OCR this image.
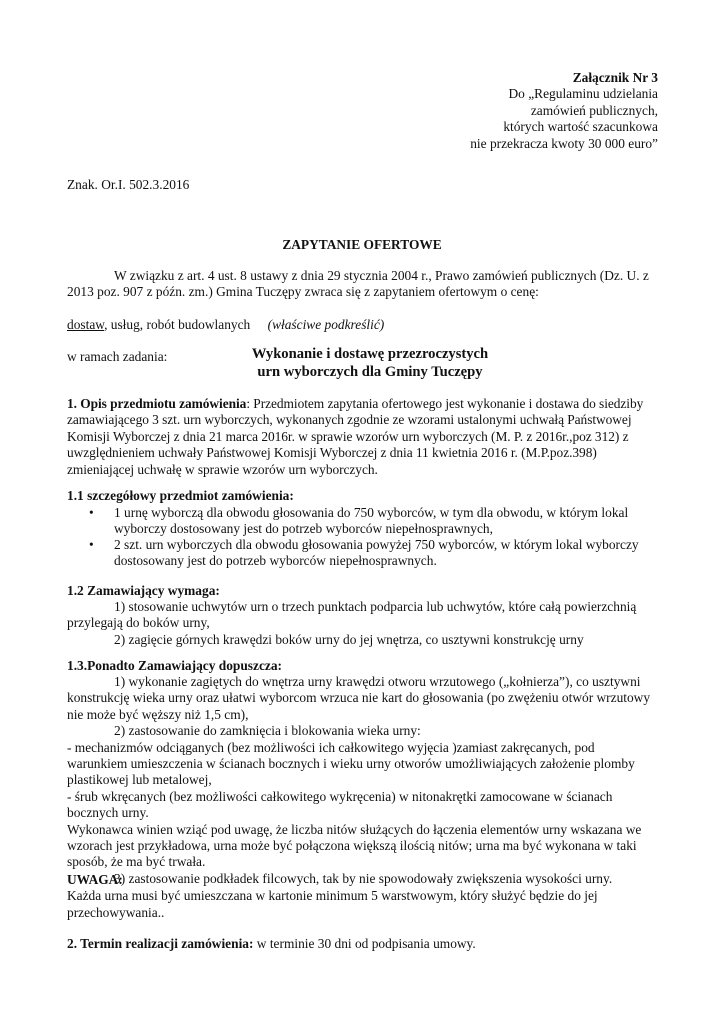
Załącznik Nr 3
Do „Regulaminu udzielania
zamówień publicznych,
których wartość szacunkowa
nie przekracza kwoty 30 000 euro”
Znak. Or.I. 502.3.2016
ZAPYTANIE OFERTOWE
W związku z art. 4 ust. 8 ustawy z dnia 29 stycznia 2004 r., Prawo zamówień publicznych (Dz. U. z
2013 poz. 907 z późn. zm.) Gmina Tuczępy zwraca się z zapytaniem ofertowym o cenę:
dostaw, usług, robót budowlanych (właściwe podkreślić)
w ramach zadania:	Wykonanie i dostawę przezroczystych
urn wyborczych dla Gminy Tuczępy
1. Opis przedmiotu zamówienia: Przedmiotem zapytania ofertowego jest wykonanie i dostawa do siedziby
zamawiającego 3 szt. urn wyborczych, wykonanych zgodnie ze wzorami ustalonymi uchwałą Państwowej
Komisji Wyborczej z dnia 21 marca 2016r. w sprawie wzorów urn wyborczych (M. P. z 2016r.,poz 312) z
uwzględnieniem uchwały Państwowej Komisji Wyborczej z dnia 11 kwietnia 2016 r. (M.P.poz.398)
zmieniającej uchwałę w sprawie wzorów urn wyborczych.
1.1 szczegółowy przedmiot zamówienia:
• 1 urnę wyborczą dla obwodu głosowania do 750 wyborców, w tym dla obwodu, w którym lokal
wyborczy dostosowany jest do potrzeb wyborców niepełnosprawnych,
• 2 szt. urn wyborczych dla obwodu głosowania powyżej 750 wyborców, w którym lokal wyborczy
dostosowany jest do potrzeb wyborców niepełnosprawnych.
1.2 Zamawiający wymaga:
1) stosowanie uchwytów urn o trzech punktach podparcia lub uchwytów, które całą powierzchnią
przylegają do boków urny,
2) zagięcie górnych krawędzi boków urny do jej wnętrza, co usztywni konstrukcję urny
1.3.Ponadto Zamawiający dopuszcza:
1) wykonanie zagiętych do wnętrza urny krawędzi otworu wrzutowego („kołnierza”), co usztywni
konstrukcję wieka urny oraz ułatwi wyborcom wrzuca nie kart do głosowania (po zwężeniu otwór wrzutowy
nie może być węższy niż 1,5 cm),
2) zastosowanie do zamknięcia i blokowania wieka urny:
- mechanizmów odciąganych (bez możliwości ich całkowitego wyjęcia )zamiast zakręcanych, pod
warunkiem umieszczenia w ścianach bocznych i wieku urny otworów umożliwiających założenie plomby
plastikowej lub metalowej,
- śrub wkręcanych (bez możliwości całkowitego wykręcenia) w nitonakrętki zamocowane w ścianach
bocznych urny.
Wykonawca winien wziąć pod uwagę, że liczba nitów służących do łączenia elementów urny wskazana we
wzorach jest przykładowa, urna może być połączona większą ilością nitów; urna ma być wykonana w taki
sposób, że ma być trwała.
3) zastosowanie podkładek filcowych, tak by nie spowodowały zwiększenia wysokości urny.
UWAGA:
Każda urna musi być umieszczana w kartonie minimum 5 warstwowym, który służyć będzie do jej
przechowywania..
2. Termin realizacji zamówienia: w terminie 30 dni od podpisania umowy.
